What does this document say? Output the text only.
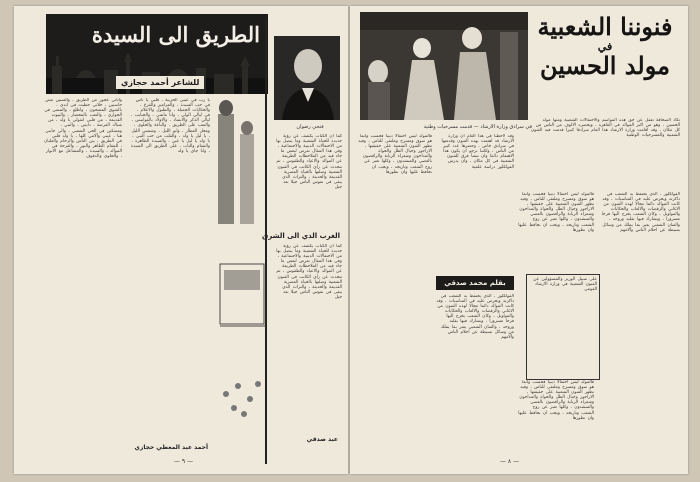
الطريق الى السيدة
للشاعر أحمد حجازي
واتاني عجوز من الطريق ، والسنين مش حاسبين ، خلاني حطيت في ايدي ، بالشوق المشحون ، واطلع ، والمشي في الحواري ، والتعب بالمحضار ، والبيوت القديمة ، من قلبي اتقولي يا ولد ، من شباك الفرصة ، دايس ، والنبي ، ومسكين في الحي الشعبي ، والي جابني هنا ، عيني وآلامي كلها ، يا ولد قلبي في الطريق ، بين الناس والزحام والغلبان ، للمقام الطاهر والنور ، والفرحة في الموالد ، والسيدة ، والمشاعل مع الانوار ، والحلوى والدفوف
يا رب في عيني الحزينة ، قلبي يا ناس في حب السيدة ، والمزامير والقرع ، والحكايات الجميلة ، والطبول والاعلام ، في ليالي الولي ، وانا ماشي ، والحبايب ، ليالي الذكر والانشاد ، والاولاد بالفوانيس ، والتعب على الطريق ، والباعة والحلوى ، ومحل العطار ، وابو الليل ، وشمس الليل ، يا ليل يا ولد ، والقلب من حب النبي ، يا ولد يا ليل يا عين ، والسيدة الطاهرة ، والمقام والباب ، على الطريق الى السيدة ، وانا جاي يا ولد
أحمد عبد المعطي حجازي
— ٩ —
فتحي رضوان
كما ان الكتاب يكشف عن رؤية جديدة للحياة الشعبية وما يتصل بها من الاحتفالات الدينية والاجتماعية ، وفي هذا المقال نعرض لبعض ما جاء فيه من الملاحظات الطريفة عن الموالد والاعياد والطقوس ، ثم نتحدث عن رأي الكاتب في الفنون الشعبية وصلتها بالحياة المصرية القديمة والحديثة ، والتراث الذي يبقى في نفوس الناس جيلا بعد جيل
الغرب الذي الى الشرق
كما ان الكتاب يكشف عن رؤية جديدة للحياة الشعبية وما يتصل بها من الاحتفالات الدينية والاجتماعية ، وفي هذا المقال نعرض لبعض ما جاء فيه من الملاحظات الطريفة عن الموالد والاعياد والطقوس ، ثم نتحدث عن رأي الكاتب في الفنون الشعبية وصلتها بالحياة المصرية القديمة والحديثة ، والتراث الذي يبقى في نفوس الناس جيلا بعد جيل
عبد صدقي
في سرادق وزارة الارشاد — قدمت مسرحيات وطنية
فنوننا الشعبية
في
مولد الحسين
تكاد الصحافة تغفل عن حق هذه المواسم والاحتفالات الشعبية ومنها مولد الحسين ، وهو من اكبر الموالد في القاهرة ، ويحضره الالوف من الناس من كل مكان ، وقد اقامت وزارة الارشاد هذا العام سرادقا كبيرا قدمت فيه الفنون الشعبية والمسرحيات الوطنية
الفولكلور ، الذي يحتفظ به الشعب في ذاكرته ويحرص عليه في المناسبات ، وقد كانت الموالد دائما مجالا لهذه الفنون من الاغاني والرقصات والالعاب والحكايات والمواويل ، وكان الشعب يخرج اليها فرحا مسرورا ، ويشارك فيها بقلبه وروحه ، والفنان الشعبي يعبر بما يملك من وسائل بسيطة عن احلام الناس وآلامهم
فالمولد ليس احتفالا دينيا فحسب وانما هو سوق ومسرح وملتقى للناس ، وفيه تظهر الفنون الشعبية على حقيقتها ، الاراجوز وخيال الظل والحواة والمداحون وشعراء الربابة والراقصون بالعصي والمنشدون ، وكلها تعبر عن روح الشعب وتاريخه ، ويجب ان نحافظ عليها وان نطورها
على سبيل الوزير والمسؤولين عن الفنون الشعبية في وزارة الارشاد القومي
فالمولد ليس احتفالا دينيا فحسب وانما هو سوق ومسرح وملتقى للناس ، وفيه تظهر الفنون الشعبية على حقيقتها ، الاراجوز وخيال الظل والحواة والمداحون وشعراء الربابة والراقصون بالعصي والمنشدون ، وكلها تعبر عن روح الشعب وتاريخه ، ويجب ان نحافظ عليها وان نطورها
وقد لاحظنا في هذا العام ان وزارة الارشاد قد اهتمت بهذه الفنون وقدمتها في سرادق خاص ، وحضرها عدد كبير من الناس ، ولكننا نرجو ان يكون هذا الاهتمام دائما وان تنشأ فرق للفنون الشعبية في كل مكان ، وان يدرس الفولكلور دراسة علمية
بقلم محمد صدقي
الفولكلور ، الذي يحتفظ به الشعب في ذاكرته ويحرص عليه في المناسبات ، وقد كانت الموالد دائما مجالا لهذه الفنون من الاغاني والرقصات والالعاب والحكايات والمواويل ، وكان الشعب يخرج اليها فرحا مسرورا ، ويشارك فيها بقلبه وروحه ، والفنان الشعبي يعبر بما يملك من وسائل بسيطة عن احلام الناس وآلامهم
فالمولد ليس احتفالا دينيا فحسب وانما هو سوق ومسرح وملتقى للناس ، وفيه تظهر الفنون الشعبية على حقيقتها ، الاراجوز وخيال الظل والحواة والمداحون وشعراء الربابة والراقصون بالعصي والمنشدون ، وكلها تعبر عن روح الشعب وتاريخه ، ويجب ان نحافظ عليها وان نطورها
— ٨ —
